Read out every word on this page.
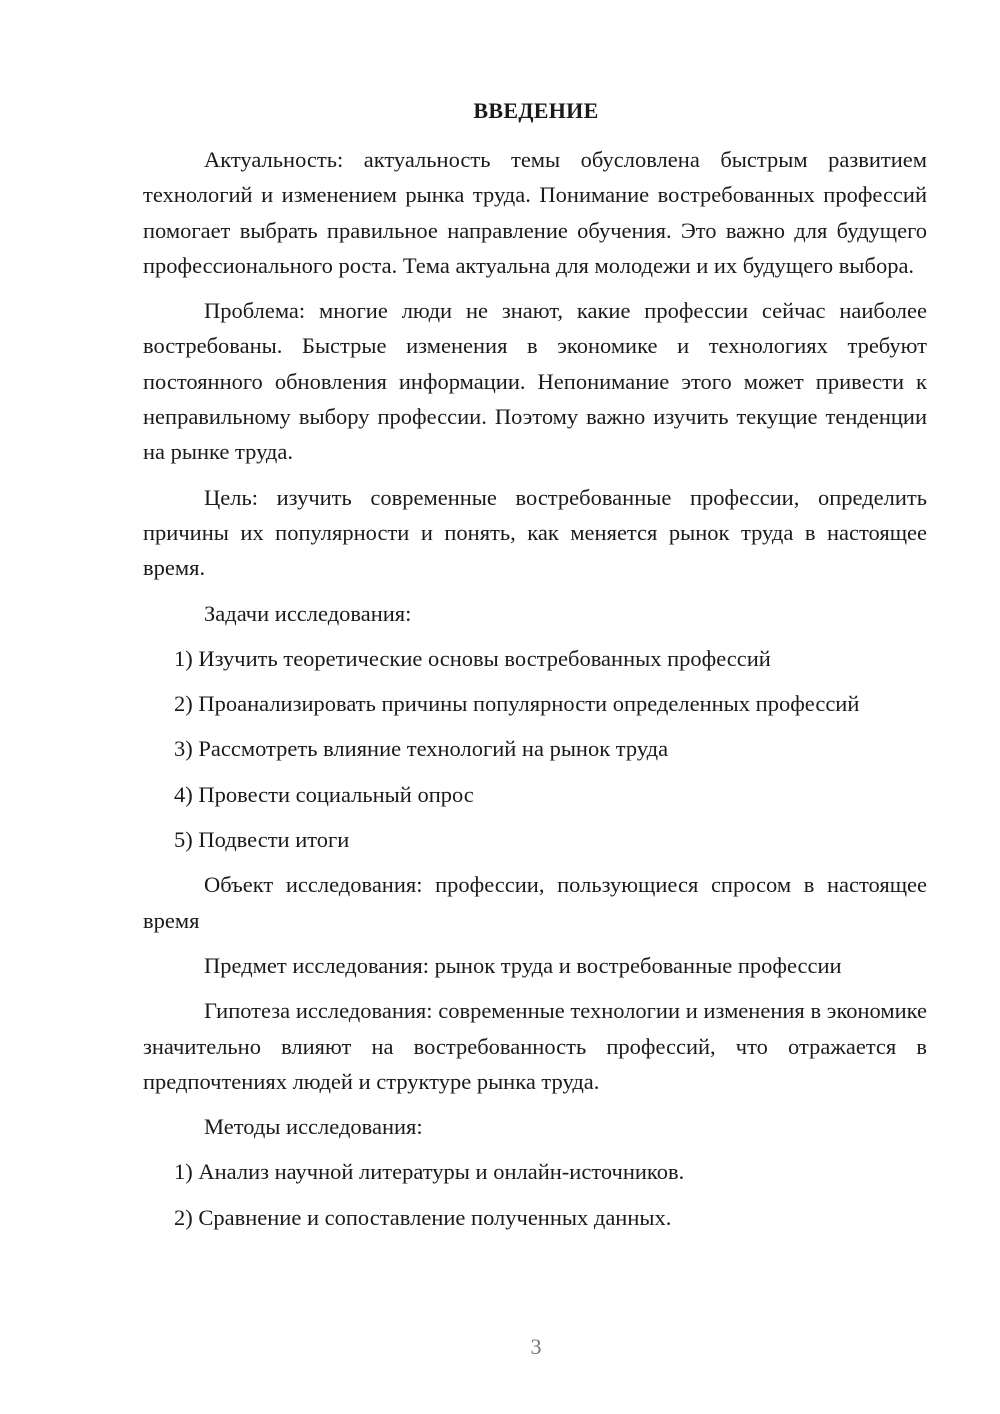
ВВЕДЕНИЕ

Актуальность: актуальность темы обусловлена быстрым развитием технологий и изменением рынка труда. Понимание востребованных профессий помогает выбрать правильное направление обучения. Это важно для будущего профессионального роста. Тема актуальна для молодежи и их будущего выбора.

Проблема: многие люди не знают, какие профессии сейчас наиболее востребованы. Быстрые изменения в экономике и технологиях требуют постоянного обновления информации. Непонимание этого может привести к неправильному выбору профессии. Поэтому важно изучить текущие тенденции на рынке труда.

Цель: изучить современные востребованные профессии, определить причины их популярности и понять, как меняется рынок труда в настоящее время.

Задачи исследования:

1) Изучить теоретические основы востребованных профессий

2) Проанализировать причины популярности определенных профессий

3) Рассмотреть влияние технологий на рынок труда

4) Провести социальный опрос

5) Подвести итоги

Объект исследования: профессии, пользующиеся спросом в настоящее время

Предмет исследования: рынок труда и востребованные профессии

Гипотеза исследования: современные технологии и изменения в экономике значительно влияют на востребованность профессий, что отражается в предпочтениях людей и структуре рынка труда.

Методы исследования:

1) Анализ научной литературы и онлайн-источников.

2) Сравнение и сопоставление полученных данных.

3
